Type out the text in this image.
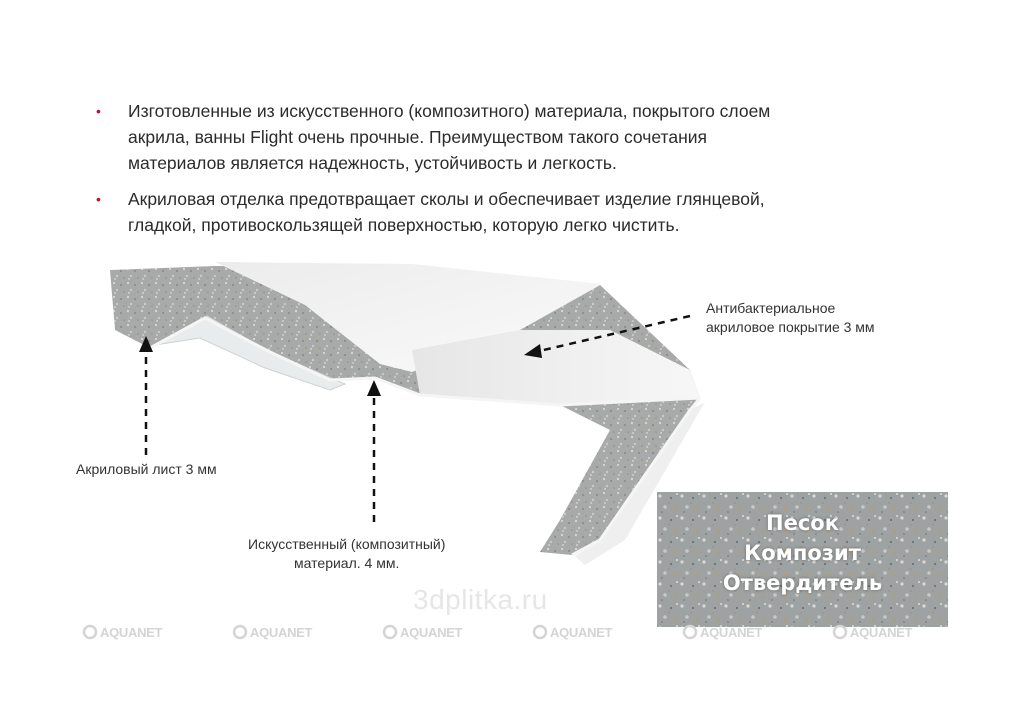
• Изготовленные из искусственного (композитного) материала, покрытого слоем
акрила, ванны Flight очень прочные. Преимуществом такого сочетания
материалов является надежность, устойчивость и легкость.
• Акриловая отделка предотвращает сколы и обеспечивает изделие глянцевой,
гладкой, противоскользящей поверхностью, которую легко чистить.
Антибактериальное
акриловое покрытие 3 мм
Акриловый лист 3 мм
Искусственный (композитный)
материал. 4 мм.
Песок
Композит
Отвердитель
3dplitka.ru
AQUANET	AQUANET	AQUANET	AQUANET	AQUANET	AQUANET
